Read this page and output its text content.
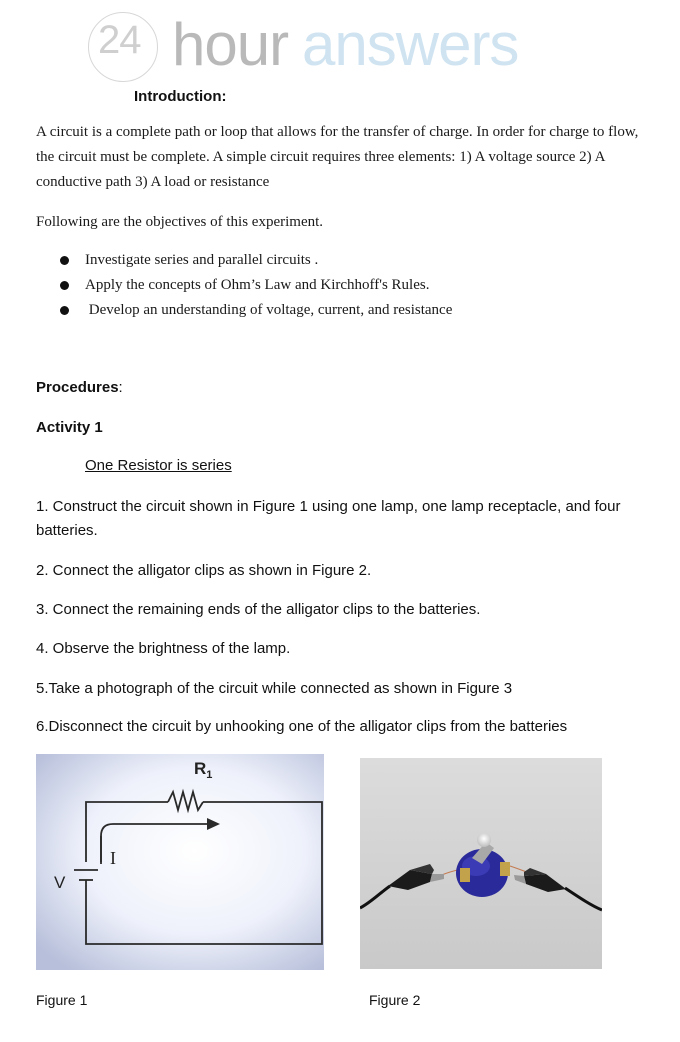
24 hour answers
Introduction:
A circuit is a complete path or loop that allows for the transfer of charge. In order for charge to flow, the circuit must be complete. A simple circuit requires three elements: 1) A voltage source 2) A conductive path 3) A load or resistance
Following are the objectives of this experiment.
Investigate series and parallel circuits .
Apply the concepts of Ohm’s Law and Kirchhoff's Rules.
Develop an understanding of voltage, current, and resistance
Procedures:
Activity 1
One Resistor is series
1. Construct the circuit shown in Figure 1 using one lamp, one lamp receptacle, and four batteries.
2. Connect the alligator clips as shown in Figure 2.
3. Connect the remaining ends of the alligator clips to the batteries.
4. Observe the brightness of the lamp.
5.Take a photograph of the circuit while connected as shown in Figure 3
6.Disconnect the circuit by unhooking one of the alligator clips from the batteries
$R_1$
I
V
Figure 1	Figure 2
